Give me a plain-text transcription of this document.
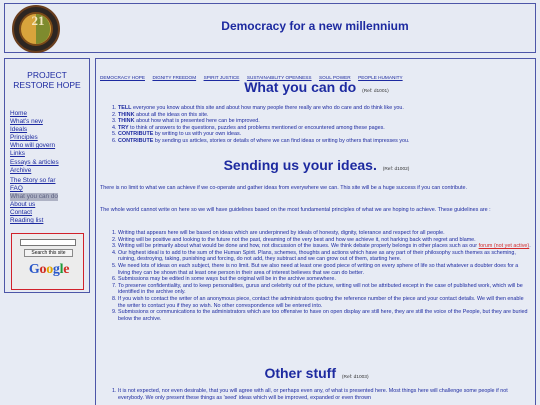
21	Democracy for a new millennium
PROJECT
RESTORE HOPE
Home
What's new
Ideals
Principles
Who will govern
Links
Essays & articles
Archive
The Story so far
FAQ
What you can do
About us
Contact
Reading list
Search this site
Google
DEMOCRACY HOPE DIGNITY FREEDOM SPIRIT JUSTICE SUSTAINABILITY OPENNESS SOUL POWER PEOPLE HUMANITY
What you can do (Ref: d1001)
1. TELL everyone you know about this site and about how many people there really are who do care and do think like you.
2. THINK about all the ideas on this site.
3. THINK about how what is presented here can be improved.
4. TRY to think of answers to the questions, puzzles and problems mentioned or encountered among these pages.
5. CONTRIBUTE by writing to us with your own ideas.
6. CONTRIBUTE by sending us articles, stories or details of where we can find ideas or writing by others that impresses you.
Sending us your ideas. (Ref: d1002)
There is no limit to what we can achieve if we co-operate and gather ideas from everywhere we can. This site will be a huge success if you can contribute.
The whole world cannot write on here so we will have guidelines based on the most fundamental principles of what we are hoping to achieve. These guidelines are :
1. Writing that appears here will be based on ideas which are underpinned by ideals of honesty, dignity, tolerance and respect for all people.
2. Writing will be positive and looking to the future not the past, dreaming of the very best and how we achieve it, not harking back with regret and blame.
3. Writing will be primarily about what would be done and how, not discussion of the issues. We think debate properly belongs in other places such as our forum (not yet active).
4. Our highest ideal is to add to the sum of the Human Spirit. Plans, schemes, thoughts and actions which have as any part of their philosophy such themes as scheming, ruining, destroying, taking, punishing and forcing, do not add, they subtract and we can grow out of them, starting here.
5. We need lots of ideas on each subject, there is no limit. But we also need at least one good piece of writing on every sphere of life so that whatever a doubter does for a living they can be shown that at least one person in their area of interest believes that we can do better.
6. Submissions may be edited in some ways but the original will be in the archive somewhere.
7. To preserve confidentiality, and to keep personalities, gurus and celebrity out of the picture, writing will not be attributed except in the case of published work, which will be identified in the archive only.
8. If you wish to contact the writer of an anonymous piece, contact the administrators quoting the reference number of the piece and your contact details. We will then enable the writer to contact you if they so wish. No other correspondence will be entered into.
9. Submissions or communications to the administrators which are too offensive to have on open display are still here, they are still the voice of the People, but they are buried below the archive.
Other stuff (Ref: d1003)
1. It is not expected, nor even desirable, that you will agree with all, or perhaps even any, of what is presented here. Most things here will challenge some people if not everybody. We only present these things as 'seed' ideas which will be improved, expanded or even thrown
